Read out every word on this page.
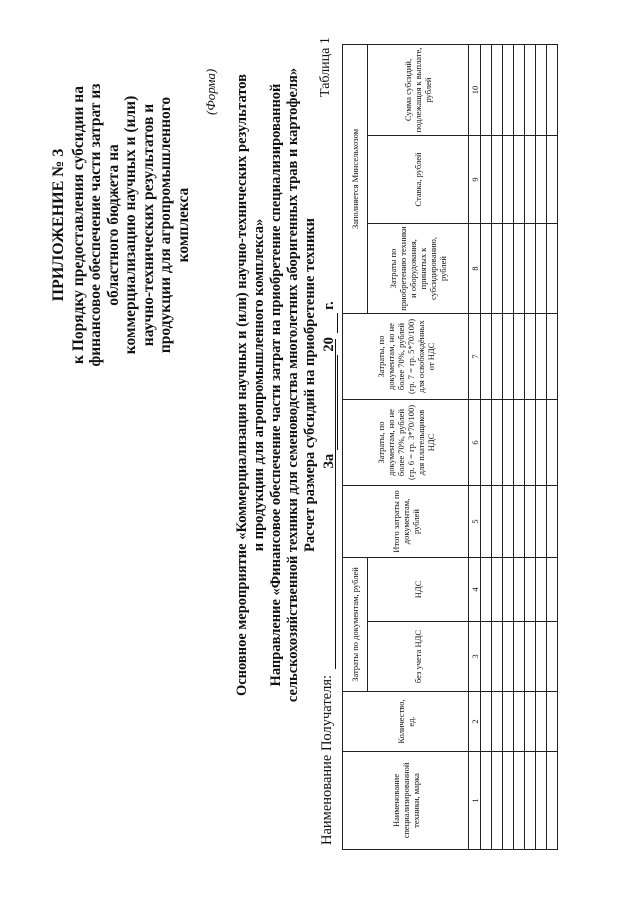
ПРИЛОЖЕНИЕ № 3 к Порядку предоставления субсидии на финансовое обеспечение части затрат из областного бюджета на коммерциализацию научных и (или) научно-технических результатов и продукции для агропромышленного комплекса
(Форма) Основное мероприятие «Коммерциализация научных и (или) научно-технических результатов и продукции для агропромышленного комплекса» Направление «Финансовое обеспечение части затрат на приобретение специализированной сельскохозяйственной техники для семеноводства многолетних аборигенных трав и картофеля» Расчет размера субсидий на приобретение техники За   20   г.
Наименование Получателя:
Таблица 1
Наименование специализированной техники, марка	Количество, ед.	Затраты по документам, рублей		Итого затраты по документам, рублей	Затраты, по документам, но не более 70%, рублей (гр. 6 = гр. 3*70/100) для плательщиков НДС	Затраты, по документам, но не более 70%, рублей (гр. 7 = гр. 5*70/100) для освобождённых от НДС	Заполняется Минсельхозом		
		без учета НДС	НДС				Затраты по приобретению техники и оборудования, принятых к субсидированию, рублей	Ставка, рублей	Сумма субсидий, подлежащая к выплате, рублей
1	2	3	4	5	6	7	8	9	10
